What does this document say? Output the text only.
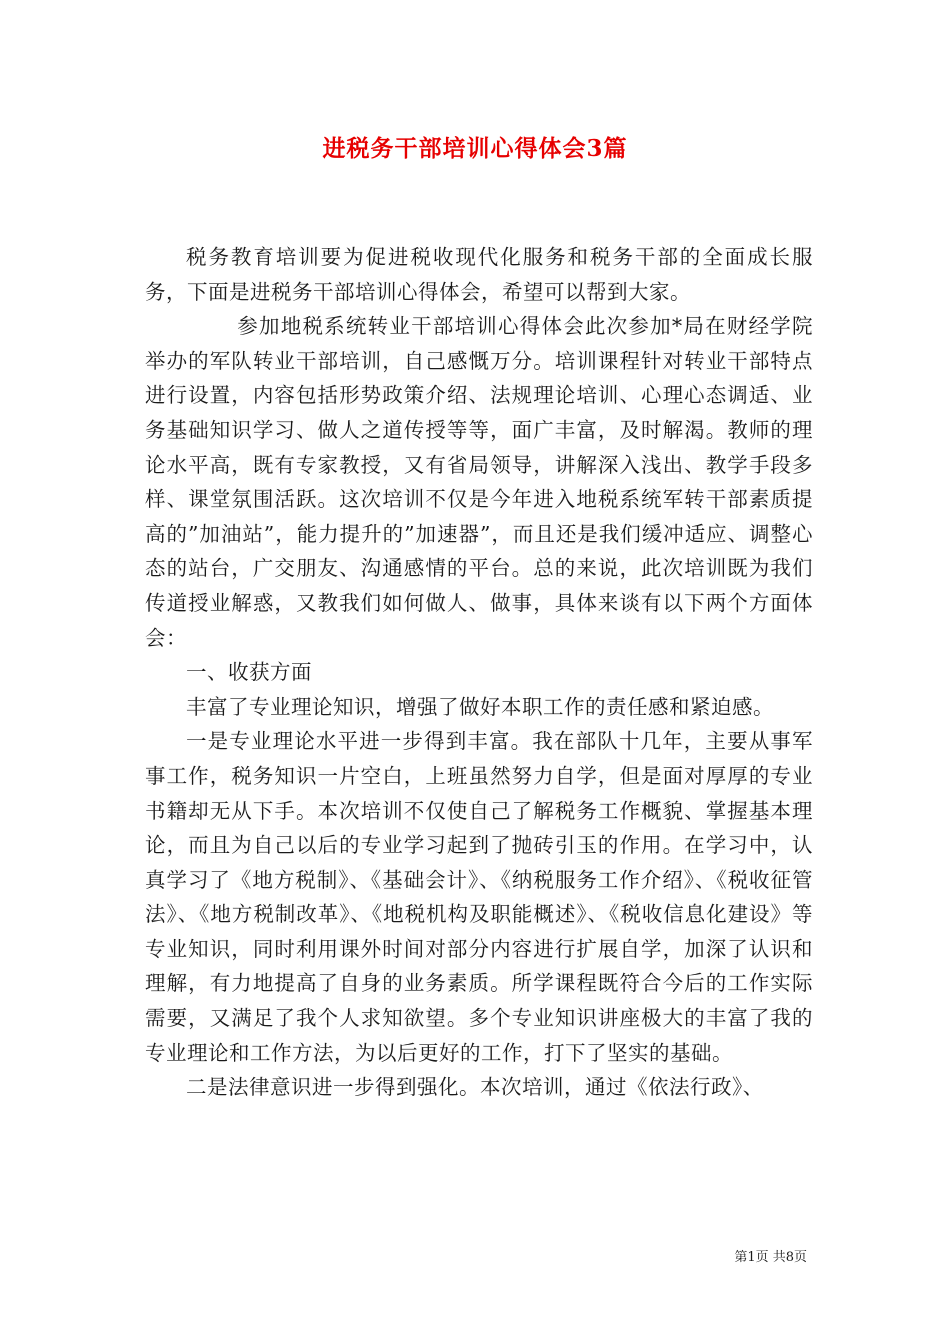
进税务干部培训心得体会3篇

税务教育培训要为促进税收现代化服务和税务干部的全面成长服务，下面是进税务干部培训心得体会，希望可以帮到大家。

参加地税系统转业干部培训心得体会此次参加*局在财经学院举办的军队转业干部培训，自己感慨万分。培训课程针对转业干部特点进行设置，内容包括形势政策介绍、法规理论培训、心理心态调适、业务基础知识学习、做人之道传授等等，面广丰富，及时解渴。教师的理论水平高，既有专家教授，又有省局领导，讲解深入浅出、教学手段多样、课堂氛围活跃。这次培训不仅是今年进入地税系统军转干部素质提高的”加油站”，能力提升的”加速器”，而且还是我们缓冲适应、调整心态的站台，广交朋友、沟通感情的平台。总的来说，此次培训既为我们传道授业解惑，又教我们如何做人、做事，具体来谈有以下两个方面体会：

一、收获方面

丰富了专业理论知识，增强了做好本职工作的责任感和紧迫感。

一是专业理论水平进一步得到丰富。我在部队十几年，主要从事军事工作，税务知识一片空白，上班虽然努力自学，但是面对厚厚的专业书籍却无从下手。本次培训不仅使自己了解税务工作概貌、掌握基本理论，而且为自己以后的专业学习起到了抛砖引玉的作用。在学习中，认真学习了《地方税制》、《基础会计》、《纳税服务工作介绍》、《税收征管法》、《地方税制改革》、《地税机构及职能概述》、《税收信息化建设》等专业知识，同时利用课外时间对部分内容进行扩展自学，加深了认识和理解，有力地提高了自身的业务素质。所学课程既符合今后的工作实际需要，又满足了我个人求知欲望。多个专业知识讲座极大的丰富了我的专业理论和工作方法，为以后更好的工作，打下了坚实的基础。

二是法律意识进一步得到强化。本次培训，通过《依法行政》、

第1页 共8页
